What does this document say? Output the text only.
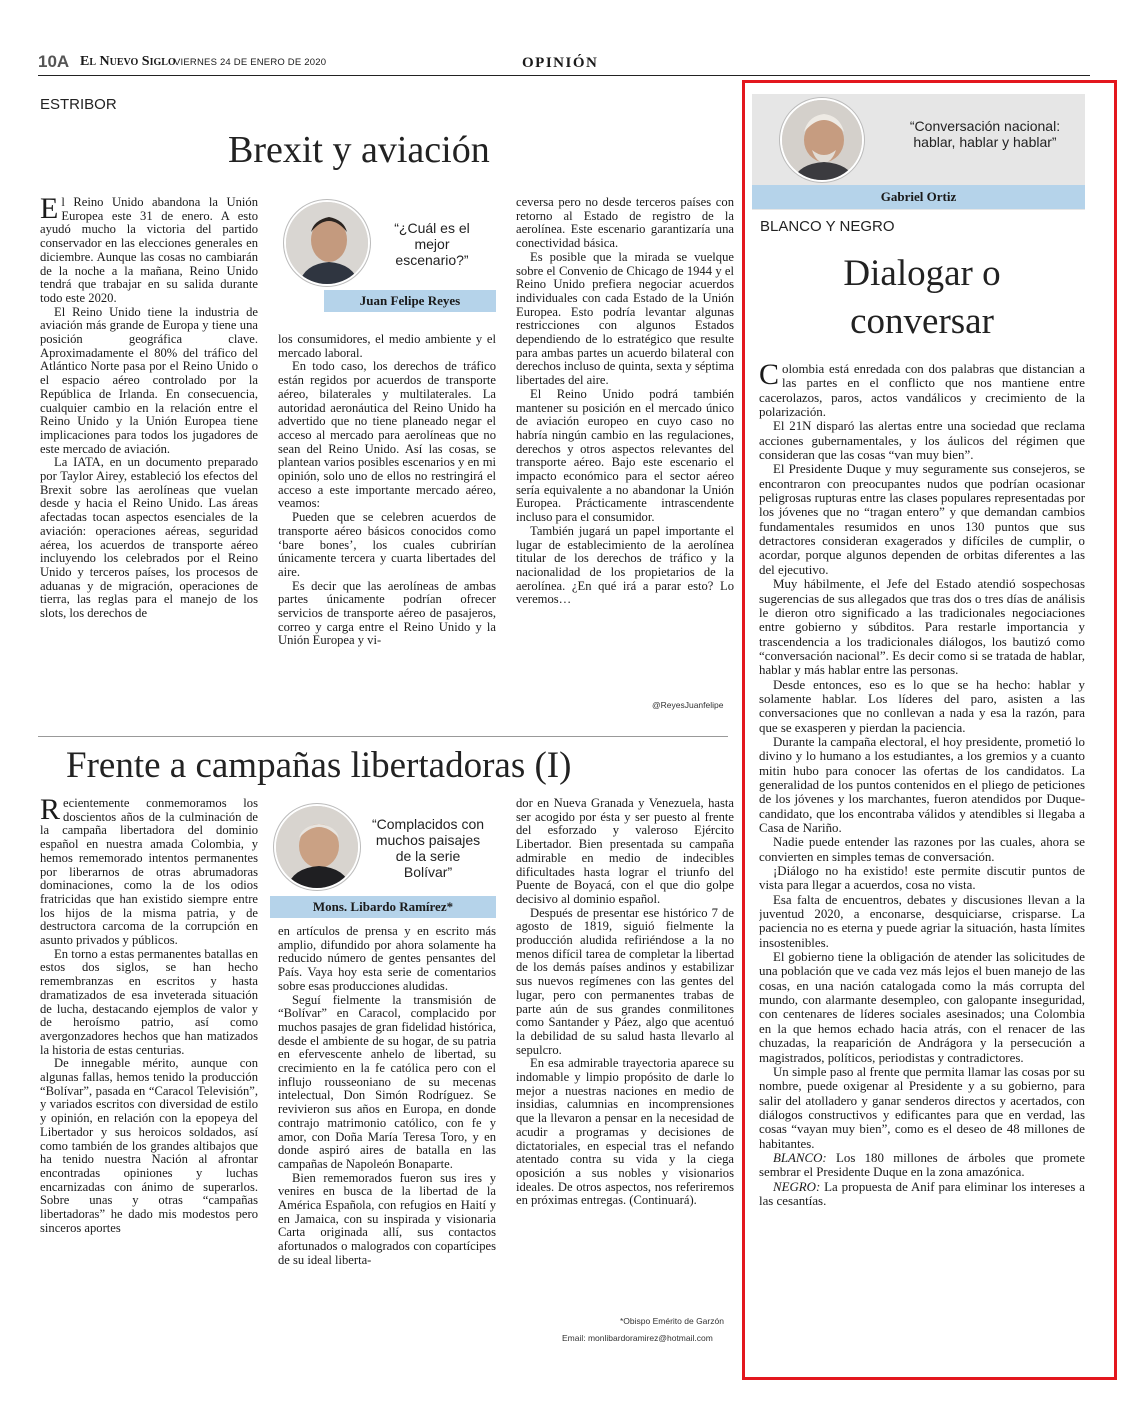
10A El Nuevo Siglo
VIERNES 24 DE ENERO DE 2020	OPINIÓN
ESTRIBOR
Brexit y aviación

El Reino Unido abandona la Unión Europea este 31 de enero. A esto ayudó mucho la victoria del partido conservador en las elecciones generales en diciembre. Aunque las cosas no cambiarán de la noche a la mañana, Reino Unido tendrá que trabajar en su salida durante todo este 2020.

El Reino Unido tiene la industria de aviación más grande de Europa y tiene una posición geográfica clave. Aproximadamente el 80% del tráfico del Atlántico Norte pasa por el Reino Unido o el espacio aéreo controlado por la República de Irlanda. En consecuencia, cualquier cambio en la relación entre el Reino Unido y la Unión Europea tiene implicaciones para todos los jugadores de este mercado de aviación.

La IATA, en un documento preparado por Taylor Airey, estableció los efectos del Brexit sobre las aerolíneas que vuelan desde y hacia el Reino Unido. Las áreas afectadas tocan aspectos esenciales de la aviación: operaciones aéreas, seguridad aérea, los acuerdos de transporte aéreo incluyendo los celebrados por el Reino Unido y terceros países, los procesos de aduanas y de migración, operaciones de tierra, las reglas para el manejo de los slots, los derechos de

“¿Cuál es el mejor escenario?”
Juan Felipe Reyes

los consumidores, el medio ambiente y el mercado laboral.

En todo caso, los derechos de tráfico están regidos por acuerdos de transporte aéreo, bilaterales y multilaterales. La autoridad aeronáutica del Reino Unido ha advertido que no tiene planeado negar el acceso al mercado para aerolíneas que no sean del Reino Unido. Así las cosas, se plantean varios posibles escenarios y en mi opinión, solo uno de ellos no restringirá el acceso a este importante mercado aéreo, veamos:

Pueden que se celebren acuerdos de transporte aéreo básicos conocidos como ‘bare bones’, los cuales cubrirían únicamente tercera y cuarta libertades del aire.

Es decir que las aerolíneas de ambas partes únicamente podrían ofrecer servicios de transporte aéreo de pasajeros, correo y carga entre el Reino Unido y la Unión Europea y vi-

ceversa pero no desde terceros países con retorno al Estado de registro de la aerolínea. Este escenario garantizaría una conectividad básica.

Es posible que la mirada se vuelque sobre el Convenio de Chicago de 1944 y el Reino Unido prefiera negociar acuerdos individuales con cada Estado de la Unión Europea. Esto podría levantar algunas restricciones con algunos Estados dependiendo de lo estratégico que resulte para ambas partes un acuerdo bilateral con derechos incluso de quinta, sexta y séptima libertades del aire.

El Reino Unido podrá también mantener su posición en el mercado único de aviación europeo en cuyo caso no habría ningún cambio en las regulaciones, derechos y otros aspectos relevantes del transporte aéreo. Bajo este escenario el impacto económico para el sector aéreo sería equivalente a no abandonar la Unión Europea. Prácticamente intrascendente incluso para el consumidor.

También jugará un papel importante el lugar de establecimiento de la aerolínea titular de los derechos de tráfico y la nacionalidad de los propietarios de la aerolínea. ¿En qué irá a parar esto? Lo veremos…

@ReyesJuanfelipe
Frente a campañas libertadoras (I)

Recientemente conmemoramos los doscientos años de la culminación de la campaña libertadora del dominio español en nuestra amada Colombia, y hemos rememorado intentos permanentes por liberarnos de otras abrumadoras dominaciones, como la de los odios fratricidas que han existido siempre entre los hijos de la misma patria, y de destructora carcoma de la corrupción en asunto privados y públicos.

En torno a estas permanentes batallas en estos dos siglos, se han hecho remembranzas en escritos y hasta dramatizados de esa inveterada situación de lucha, destacando ejemplos de valor y de heroísmo patrio, así como avergonzadores hechos que han matizados la historia de estas centurias.

De innegable mérito, aunque con algunas fallas, hemos tenido la producción “Bolívar”, pasada en “Caracol Televisión”, y variados escritos con diversidad de estilo y opinión, en relación con la epopeya del Libertador y sus heroicos soldados, así como también de los grandes altibajos que ha tenido nuestra Nación al afrontar encontradas opiniones y luchas encarnizadas con ánimo de superarlos. Sobre unas y otras “campañas libertadoras” he dado mis modestos pero sinceros aportes

“Complacidos con muchos paisajes de la serie Bolívar”
Mons. Libardo Ramírez*

en artículos de prensa y en escrito más amplio, difundido por ahora solamente ha reducido número de gentes pensantes del País. Vaya hoy esta serie de comentarios sobre esas producciones aludidas.

Seguí fielmente la transmisión de “Bolívar” en Caracol, complacido por muchos pasajes de gran fidelidad histórica, desde el ambiente de su hogar, de su patria en efervescente anhelo de libertad, su crecimiento en la fe católica pero con el influjo rousseoniano de su mecenas intelectual, Don Simón Rodríguez. Se revivieron sus años en Europa, en donde contrajo matrimonio católico, con fe y amor, con Doña María Teresa Toro, y en donde aspiró aires de batalla en las campañas de Napoleón Bonaparte.

Bien rememorados fueron sus ires y venires en busca de la libertad de la América Española, con refugios en Haití y en Jamaica, con su inspirada y visionaria Carta originada allí, sus contactos afortunados o malogrados con copartícipes de su ideal liberta-

dor en Nueva Granada y Venezuela, hasta ser acogido por ésta y ser puesto al frente del esforzado y valeroso Ejército Libertador. Bien presentada su campaña admirable en medio de indecibles dificultades hasta lograr el triunfo del Puente de Boyacá, con el que dio golpe decisivo al dominio español.

Después de presentar ese histórico 7 de agosto de 1819, siguió fielmente la producción aludida refiriéndose a la no menos difícil tarea de completar la libertad de los demás países andinos y estabilizar sus nuevos regímenes con las gentes del lugar, pero con permanentes trabas de parte aún de sus grandes conmilitones como Santander y Páez, algo que acentuó la debilidad de su salud hasta llevarlo al sepulcro.

En esa admirable trayectoria aparece su indomable y limpio propósito de darle lo mejor a nuestras naciones en medio de insidias, calumnias en incomprensiones que la llevaron a pensar en la necesidad de acudir a programas y decisiones de dictatoriales, en especial tras el nefando atentado contra su vida y la ciega oposición a sus nobles y visionarios ideales. De otros aspectos, nos referiremos en próximas entregas. (Continuará).

*Obispo Emérito de Garzón
Email: monlibardoramirez@hotmail.com
“Conversación nacional: hablar, hablar y hablar”
Gabriel Ortiz
BLANCO Y NEGRO
Dialogar o
conversar

Colombia está enredada con dos palabras que distancian a las partes en el conflicto que nos mantiene entre cacerolazos, paros, actos vandálicos y crecimiento de la polarización.

El 21N disparó las alertas entre una sociedad que reclama acciones gubernamentales, y los áulicos del régimen que consideran que las cosas “van muy bien”.

El Presidente Duque y muy seguramente sus consejeros, se encontraron con preocupantes nudos que podrían ocasionar peligrosas rupturas entre las clases populares representadas por los jóvenes que no “tragan entero” y que demandan cambios fundamentales resumidos en unos 130 puntos que sus detractores consideran exagerados y difíciles de cumplir, o acordar, porque algunos dependen de orbitas diferentes a las del ejecutivo.

Muy hábilmente, el Jefe del Estado atendió sospechosas sugerencias de sus allegados que tras dos o tres días de análisis le dieron otro significado a las tradicionales negociaciones entre gobierno y súbditos. Para restarle importancia y trascendencia a los tradicionales diálogos, los bautizó como “conversación nacional”. Es decir como si se tratada de hablar, hablar y más hablar entre las personas.

Desde entonces, eso es lo que se ha hecho: hablar y solamente hablar. Los líderes del paro, asisten a las conversaciones que no conllevan a nada y esa la razón, para que se exasperen y pierdan la paciencia.

Durante la campaña electoral, el hoy presidente, prometió lo divino y lo humano a los estudiantes, a los gremios y a cuanto mitin hubo para conocer las ofertas de los candidatos. La generalidad de los puntos contenidos en el pliego de peticiones de los jóvenes y los marchantes, fueron atendidos por Duque-candidato, que los encontraba válidos y atendibles si llegaba a Casa de Nariño.

Nadie puede entender las razones por las cuales, ahora se convierten en simples temas de conversación.

¡Diálogo no ha existido! este permite discutir puntos de vista para llegar a acuerdos, cosa no vista.

Esa falta de encuentros, debates y discusiones llevan a la juventud 2020, a enconarse, desquiciarse, crisparse. La paciencia no es eterna y puede agriar la situación, hasta límites insostenibles.

El gobierno tiene la obligación de atender las solicitudes de una población que ve cada vez más lejos el buen manejo de las cosas, en una nación catalogada como la más corrupta del mundo, con alarmante desempleo, con galopante inseguridad, con centenares de líderes sociales asesinados; una Colombia en la que hemos echado hacia atrás, con el renacer de las chuzadas, la reaparición de Andrágora y la persecución a magistrados, políticos, periodistas y contradictores.

Un simple paso al frente que permita llamar las cosas por su nombre, puede oxigenar al Presidente y a su gobierno, para salir del atolladero y ganar senderos directos y acertados, con diálogos constructivos y edificantes para que en verdad, las cosas “vayan muy bien”, como es el deseo de 48 millones de habitantes.

BLANCO: Los 180 millones de árboles que promete sembrar el Presidente Duque en la zona amazónica.

NEGRO: La propuesta de Anif para eliminar los intereses a las cesantías.
